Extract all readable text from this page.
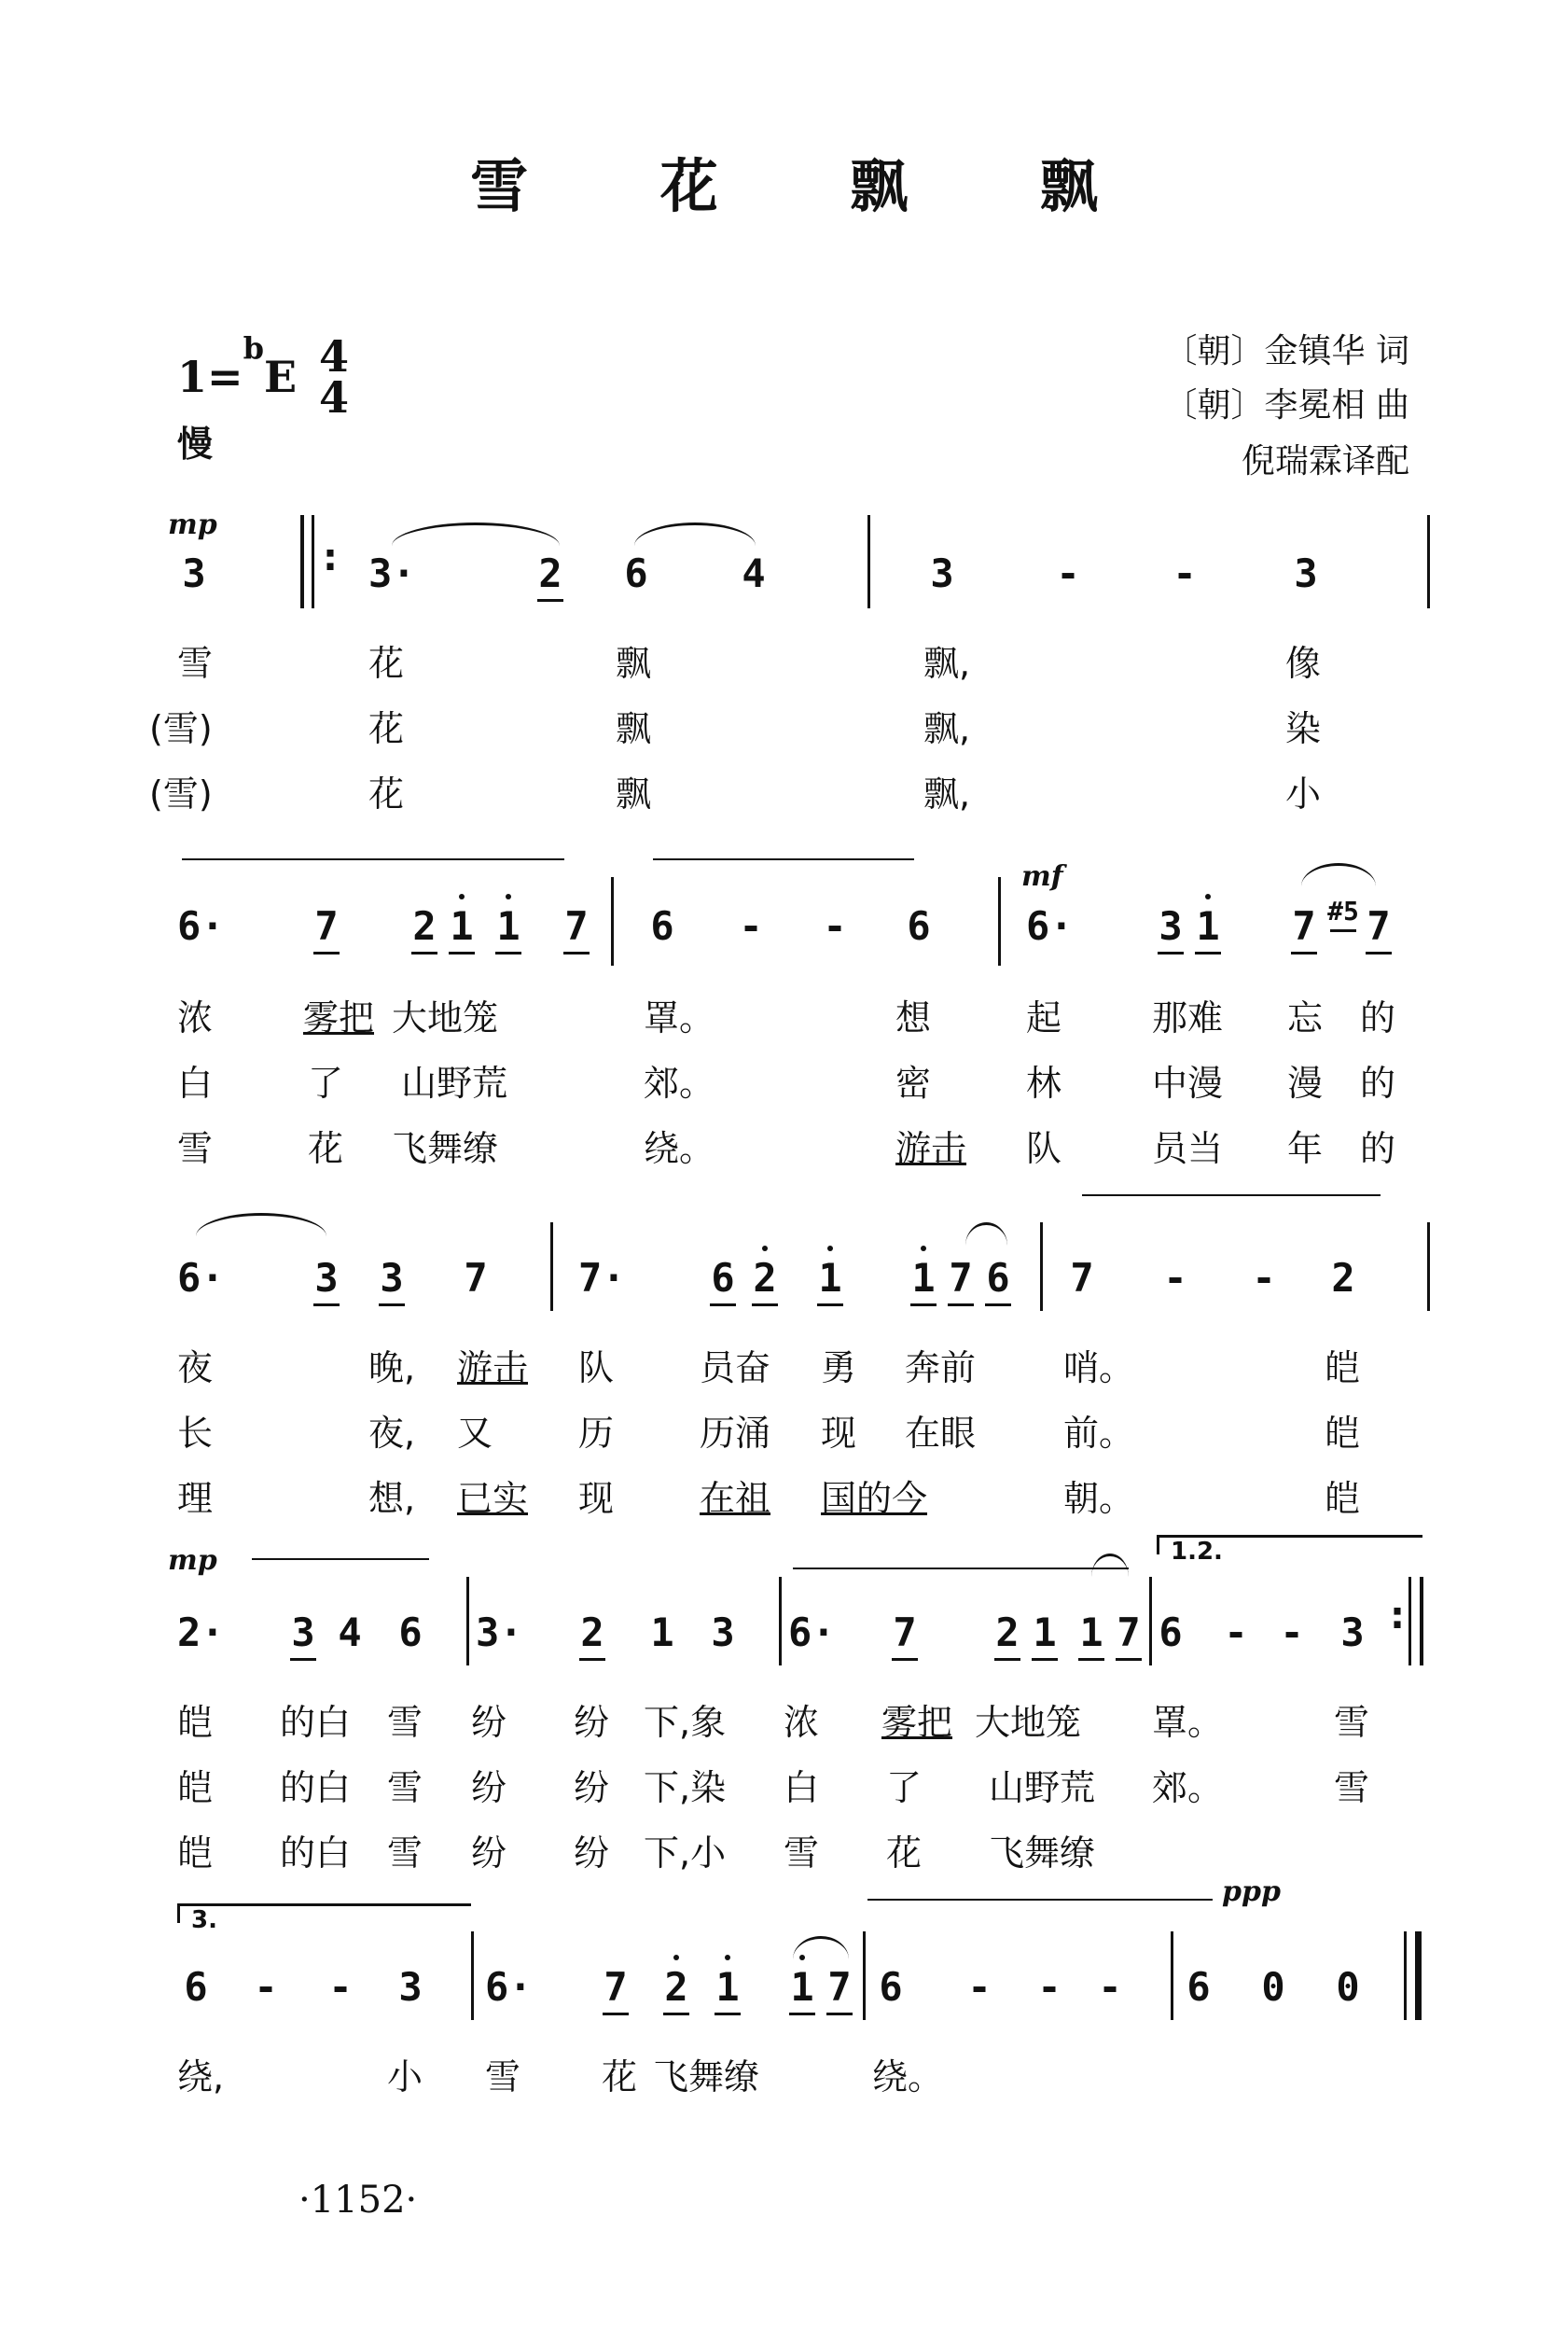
雪 花 飘 飘
1=$^b$E 4
4
慢
〔朝〕金镇华 词
〔朝〕李冕相 曲
倪瑞霖译配
mp
mf
mp
ppp
1.2.
3.
3	: 3·	2 6 4	3	- - 3
雪	花	飘	飘,	像
(雪)	花	飘	飘,	染
(雪)	花	飘	飘,	小
6· 7 2 1 1 7 6 - - 6 6· 3 1 7 #5 7
浓	雾把 大地笼	罩。	想	起	那难 忘 的
白	了 山野荒	郊。	密	林	中漫 漫 的
雪	花 飞舞缭	绕。	游击 队	员当 年 的
6· 3 3 7 7· 6 2 1 1 7 6 7 - - 2
夜	晚, 游击 队 员奋 勇 奔前 哨。	皑
长	夜, 又 历 历涌 现 在眼 前。	皑
理	想, 已实 现 在祖 国的今	朝。	皑
2· 3 4 6 3· 2 1 3 6· 7 2 1 1 7 6 - - 3 :
皑 的白 雪 纷 纷 下,象 浓 雾把 大地笼 罩。	雪
皑 的白 雪 纷 纷 下,染 白 了 山野荒 郊。	雪
皑 的白 雪 纷 纷 下,小 雪 花 飞舞缭
6 - - 3 6· 7 2 1 1 7 6 - - - 6 0 0
绕,	小 雪 花 飞舞缭	绕。
·1152·
